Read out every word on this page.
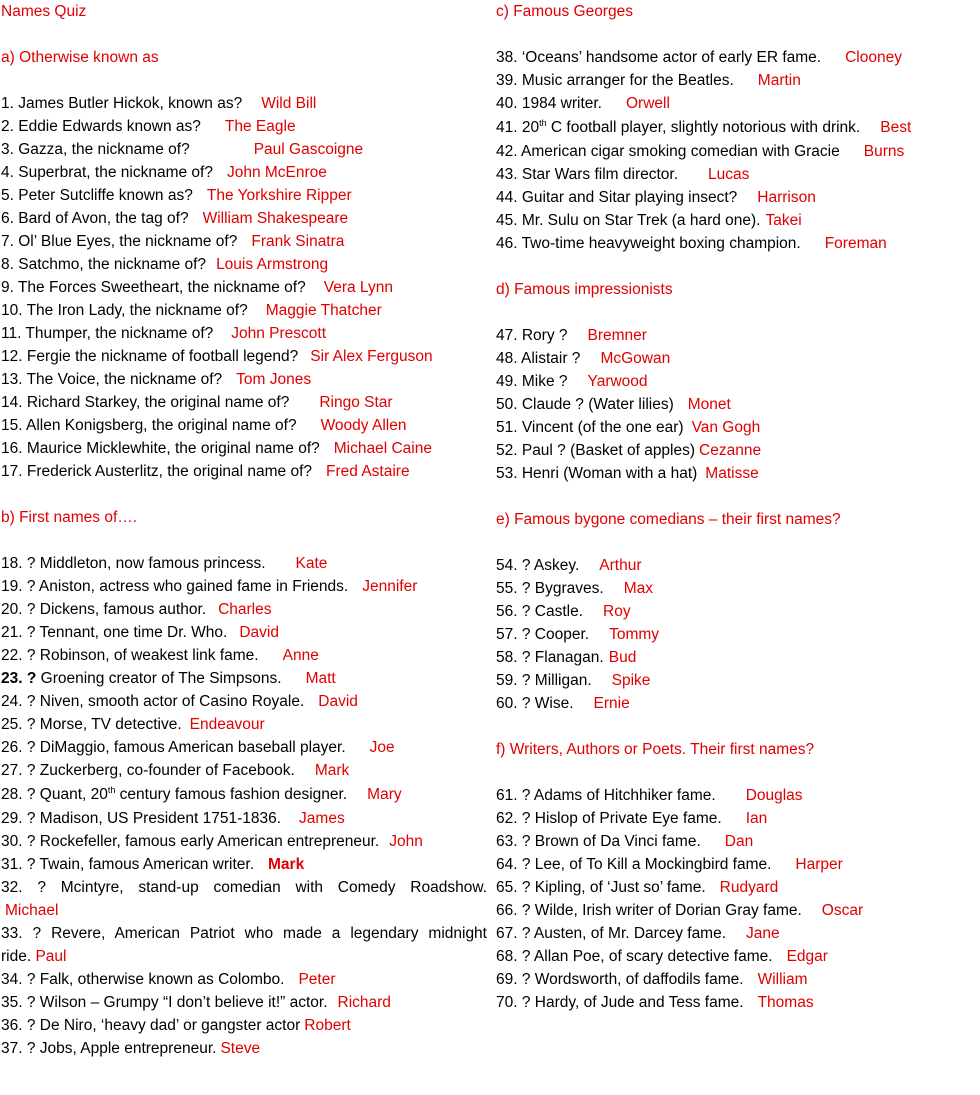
Names Quiz
a) Otherwise known as
1. James Butler Hickok, known as? Wild Bill
2. Eddie Edwards known as? The Eagle
3. Gazza, the nickname of?	Paul Gascoigne
4. Superbrat, the nickname of? John McEnroe
5. Peter Sutcliffe known as? The Yorkshire Ripper
6. Bard of Avon, the tag of? William Shakespeare
7. Ol’ Blue Eyes, the nickname of? Frank Sinatra
8. Satchmo, the nickname of? Louis Armstrong
9. The Forces Sweetheart, the nickname of? Vera Lynn
10. The Iron Lady, the nickname of? Maggie Thatcher
11. Thumper, the nickname of? John Prescott
12. Fergie the nickname of football legend? Sir Alex Ferguson
13. The Voice, the nickname of? Tom Jones
14. Richard Starkey, the original name of? Ringo Star
15. Allen Konigsberg, the original name of? Woody Allen
16. Maurice Micklewhite, the original name of? Michael Caine
17. Frederick Austerlitz, the original name of? Fred Astaire
b) First names of….
18. ? Middleton, now famous princess. Kate
19. ? Aniston, actress who gained fame in Friends. Jennifer
20. ? Dickens, famous author. Charles
21. ? Tennant, one time Dr. Who. David
22. ? Robinson, of weakest link fame. Anne
23. ? Groening creator of The Simpsons. Matt
24. ? Niven, smooth actor of Casino Royale. David
25. ? Morse, TV detective. Endeavour
26. ? DiMaggio, famous American baseball player. Joe
27. ? Zuckerberg, co-founder of Facebook. Mark
28. ? Quant, 20th century famous fashion designer. Mary
29. ? Madison, US President 1751-1836. James
30. ? Rockefeller, famous early American entrepreneur. John
31. ? Twain, famous American writer. Mark
32. ? Mcintyre, stand-up comedian with Comedy Roadshow.
Michael
33. ? Revere, American Patriot who made a legendary midnight
ride. Paul
34. ? Falk, otherwise known as Colombo. Peter
35. ? Wilson – Grumpy “I don’t believe it!” actor. Richard
36. ? De Niro, ‘heavy dad’ or gangster actor Robert
37. ? Jobs, Apple entrepreneur. Steve
c) Famous Georges
38. ‘Oceans’ handsome actor of early ER fame. Clooney
39. Music arranger for the Beatles. Martin
40. 1984 writer. Orwell
41. 20th C football player, slightly notorious with drink. Best
42. American cigar smoking comedian with Gracie Burns
43. Star Wars film director. Lucas
44. Guitar and Sitar playing insect? Harrison
45. Mr. Sulu on Star Trek (a hard one). Takei
46. Two-time heavyweight boxing champion. Foreman
d) Famous impressionists
47. Rory ? Bremner
48. Alistair ? McGowan
49. Mike ? Yarwood
50. Claude ? (Water lilies) Monet
51. Vincent (of the one ear) Van Gogh
52. Paul ? (Basket of apples) Cezanne
53. Henri (Woman with a hat) Matisse
e) Famous bygone comedians – their first names?
54. ? Askey. Arthur
55. ? Bygraves. Max
56. ? Castle. Roy
57. ? Cooper. Tommy
58. ? Flanagan. Bud
59. ? Milligan. Spike
60. ? Wise. Ernie
f) Writers, Authors or Poets. Their first names?
61. ? Adams of Hitchhiker fame. Douglas
62. ? Hislop of Private Eye fame. Ian
63. ? Brown of Da Vinci fame. Dan
64. ? Lee, of To Kill a Mockingbird fame. Harper
65. ? Kipling, of ‘Just so’ fame. Rudyard
66. ? Wilde, Irish writer of Dorian Gray fame. Oscar
67. ? Austen, of Mr. Darcey fame. Jane
68. ? Allan Poe, of scary detective fame. Edgar
69. ? Wordsworth, of daffodils fame. William
70. ? Hardy, of Jude and Tess fame. Thomas
